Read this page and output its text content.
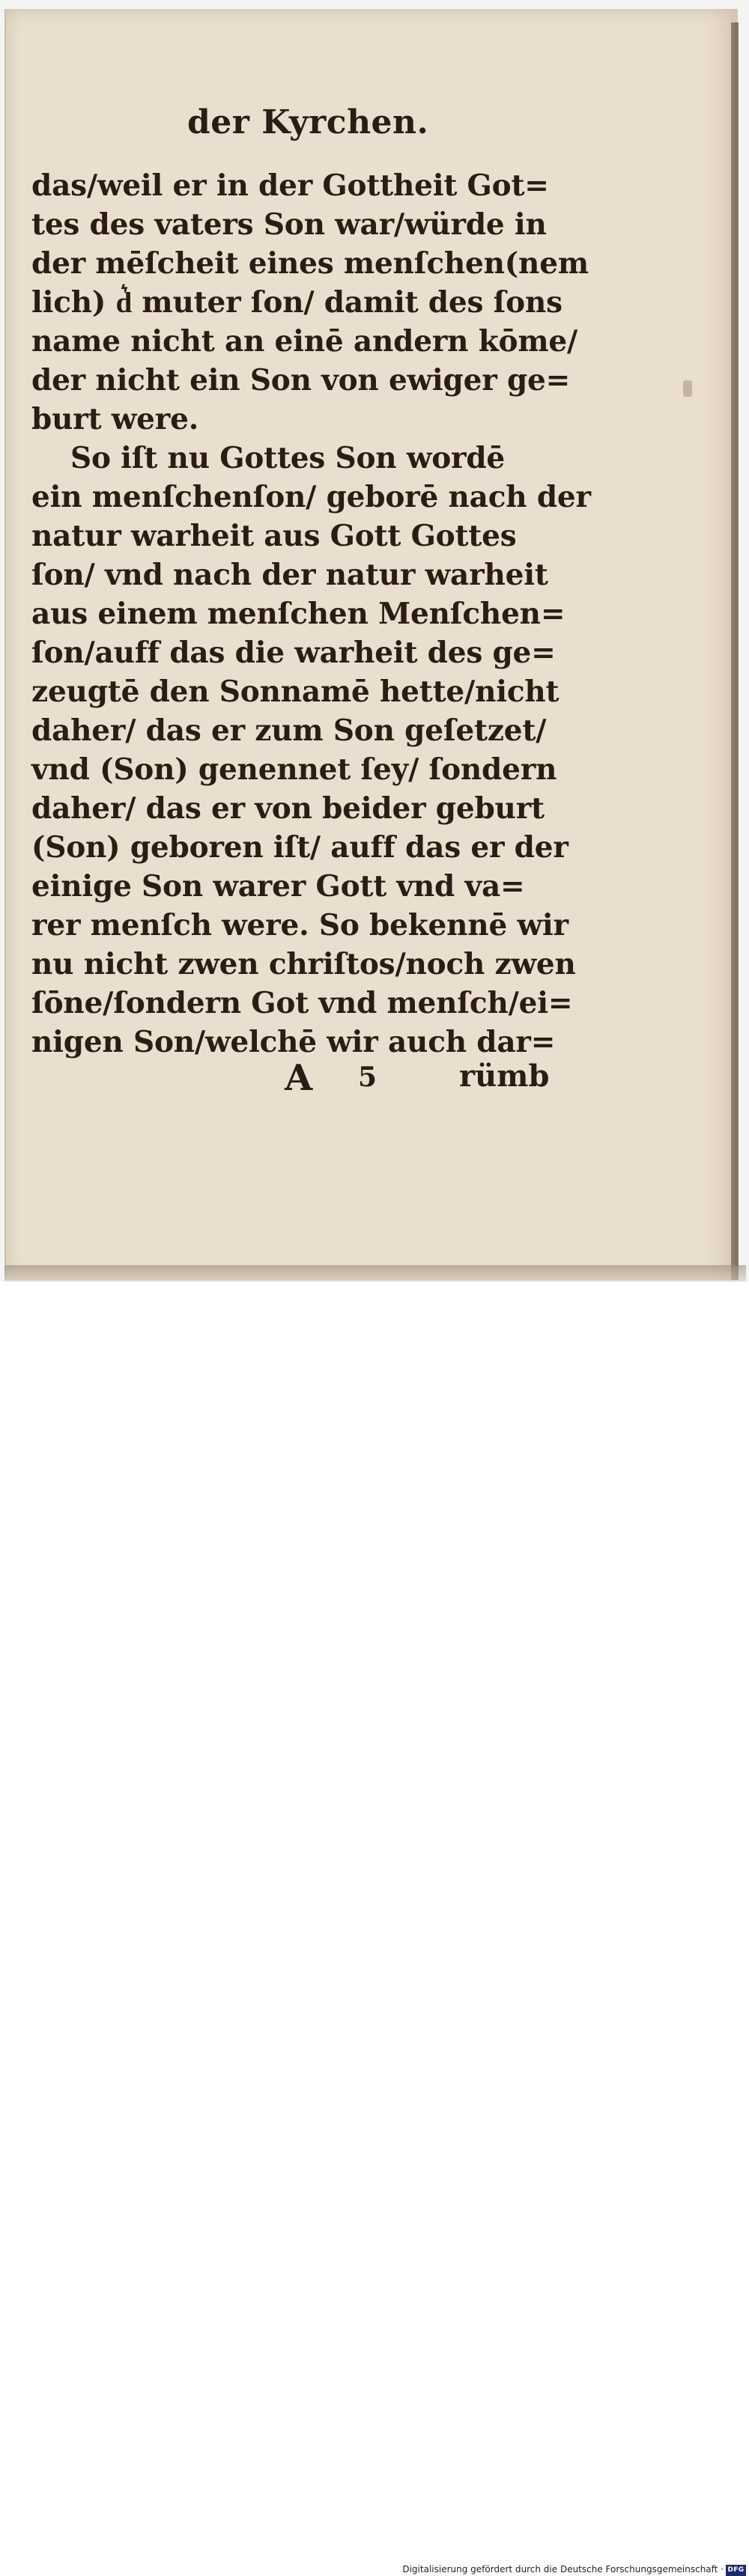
der Kyrchen.
das/weil er in der Gottheit Got=
tes des vaters Son war/würde in
der mēſcheit eines menſchen(nem
lich) d͛ muter ſon/ damit des ſons
name nicht an einē andern kōme/
der nicht ein Son von ewiger ge=
burt were.
So iſt nu Gottes Son wordē
ein menſchenſon/ geborē nach der
natur warheit aus Gott Gottes
ſon/ vnd nach der natur warheit
aus einem menſchen Menſchen=
ſon/auff das die warheit des ge=
zeugtē den Sonnamē hette/nicht
daher/ das er zum Son geſetzet/
vnd (Son) genennet ſey/ ſondern
daher/ das er von beider geburt
(Son) geboren iſt/ auff das er der
einige Son warer Gott vnd va=
rer menſch were. So bekennē wir
nu nicht zwen chriſtos/noch zwen
ſōne/ſondern Got vnd menſch/ei=
nigen Son/welchē wir auch dar=
A 5	rümb
Digitalisierung gefördert durch die Deutsche Forschungsgemeinschaft · DFG
